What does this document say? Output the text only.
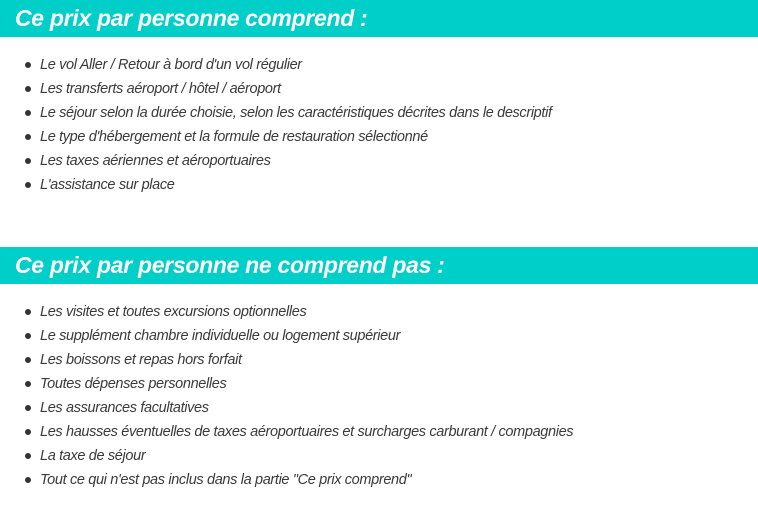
Ce prix par personne comprend :
Le vol Aller / Retour à bord d'un vol régulier
Les transferts aéroport / hôtel / aéroport
Le séjour selon la durée choisie, selon les caractéristiques décrites dans le descriptif
Le type d'hébergement et la formule de restauration sélectionné
Les taxes aériennes et aéroportuaires
L'assistance sur place
Ce prix par personne ne comprend pas :
Les visites et toutes excursions optionnelles
Le supplément chambre individuelle ou logement supérieur
Les boissons et repas hors forfait
Toutes dépenses personnelles
Les assurances facultatives
Les hausses éventuelles de taxes aéroportuaires et surcharges carburant / compagnies
La taxe de séjour
Tout ce qui n'est pas inclus dans la partie "Ce prix comprend"
